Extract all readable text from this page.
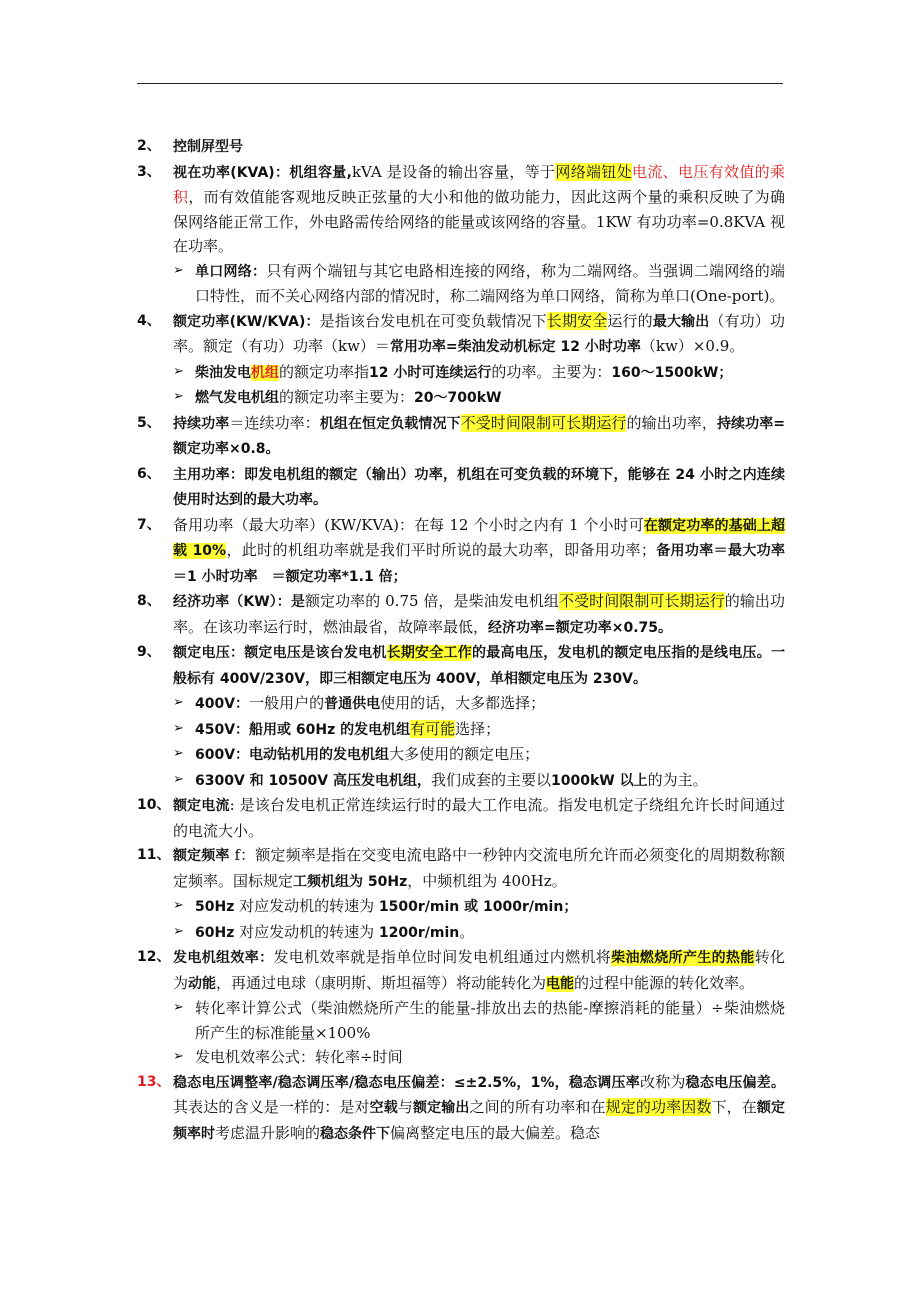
2、 控制屏型号
3、 视在功率(KVA)：机组容量,kVA 是设备的输出容量，等于网络端钮处电流、电压有效值的乘积，而有效值能客观地反映正弦量的大小和他的做功能力，因此这两个量的乘积反映了为确保网络能正常工作，外电路需传给网络的能量或该网络的容量。1KW 有功功率=0.8KVA 视在功率。
➢ 单口网络：只有两个端钮与其它电路相连接的网络，称为二端网络。当强调二端网络的端口特性，而不关心网络内部的情况时，称二端网络为单口网络，简称为单口(One-port)。
4、 额定功率(KW/KVA)：是指该台发电机在可变负载情况下长期安全运行的最大输出（有功）功率。额定（有功）功率（kw）＝常用功率=柴油发动机标定 12 小时功率（kw）×0.9。
➢ 柴油发电机组的额定功率指12 小时可连续运行的功率。主要为：160～1500kW；
➢ 燃气发电机组的额定功率主要为：20～700kW
5、 持续功率＝连续功率：机组在恒定负载情况下不受时间限制可长期运行的输出功率，持续功率=额定功率×0.8。
6、 主用功率：即发电机组的额定（输出）功率，机组在可变负载的环境下，能够在 24 小时之内连续使用时达到的最大功率。
7、 备用功率（最大功率）(KW/KVA)：在每 12 个小时之内有 1 个小时可在额定功率的基础上超载 10%，此时的机组功率就是我们平时所说的最大功率，即备用功率；备用功率＝最大功率＝1 小时功率　＝额定功率*1.1 倍；
8、 经济功率（KW）：是额定功率的 0.75 倍，是柴油发电机组不受时间限制可长期运行的输出功率。在该功率运行时，燃油最省，故障率最低，经济功率=额定功率×0.75。
9、 额定电压：额定电压是该台发电机长期安全工作的最高电压，发电机的额定电压指的是线电压。一般标有 400V/230V，即三相额定电压为 400V，单相额定电压为 230V。
➢ 400V：一般用户的普通供电使用的话，大多都选择；
➢ 450V：船用或 60Hz 的发电机组有可能选择；
➢ 600V：电动钻机用的发电机组大多使用的额定电压；
➢ 6300V 和 10500V 高压发电机组，我们成套的主要以1000kW 以上的为主。
10、 额定电流: 是该台发电机正常连续运行时的最大工作电流。指发电机定子绕组允许长时间通过的电流大小。
11、 额定频率 f：额定频率是指在交变电流电路中一秒钟内交流电所允许而必须变化的周期数称额定频率。国标规定工频机组为 50Hz，中频机组为 400Hz。
➢ 50Hz 对应发动机的转速为 1500r/min 或 1000r/min；
➢ 60Hz 对应发动机的转速为 1200r/min。
12、 发电机组效率：发电机效率就是指单位时间发电机组通过内燃机将柴油燃烧所产生的热能转化为动能，再通过电球（康明斯、斯坦福等）将动能转化为电能的过程中能源的转化效率。
➢ 转化率计算公式（柴油燃烧所产生的能量-排放出去的热能-摩擦消耗的能量）÷柴油燃烧所产生的标准能量×100%
➢ 发电机效率公式：转化率÷时间
13、 稳态电压调整率/稳态调压率/稳态电压偏差：≤±2.5%，1%，稳态调压率改称为稳态电压偏差。其表达的含义是一样的：是对空载与额定输出之间的所有功率和在规定的功率因数下，在额定频率时考虑温升影响的稳态条件下偏离整定电压的最大偏差。稳态
